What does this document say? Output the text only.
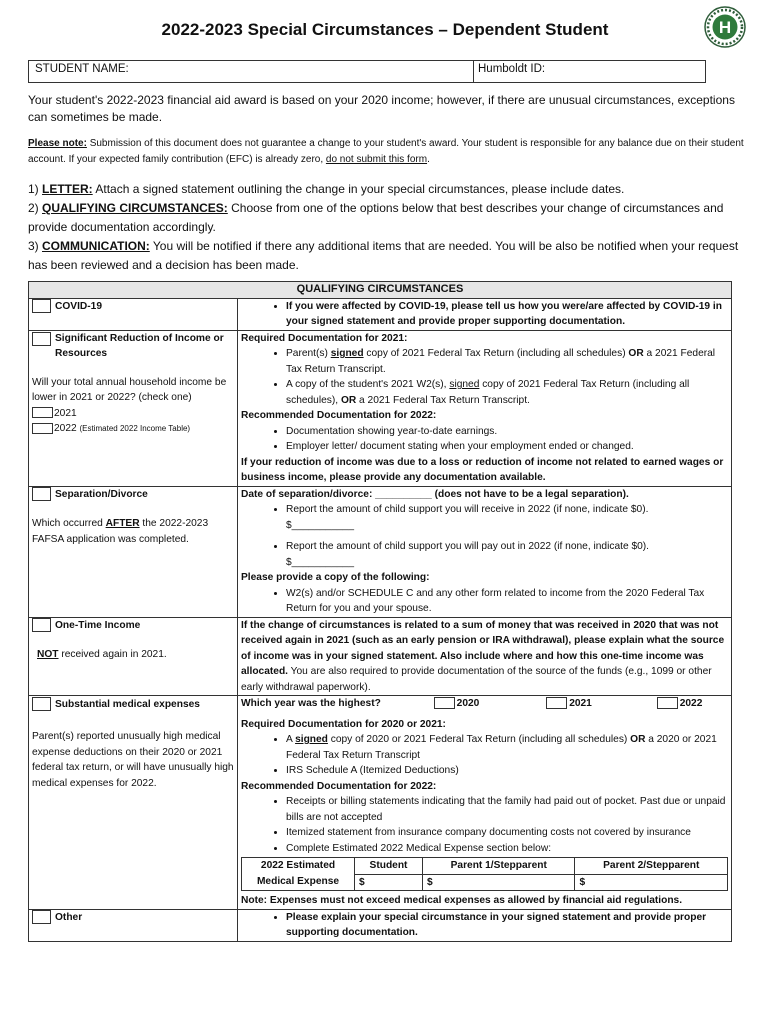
2022-2023 Special Circumstances – Dependent Student	H
STUDENT NAME:	Humboldt ID:
Your student's 2022-2023 financial aid award is based on your 2020 income; however, if there are unusual circumstances, exceptions can sometimes be made.
Please note: Submission of this document does not guarantee a change to your student's award. Your student is responsible for any balance due on their student account. If your expected family contribution (EFC) is already zero, do not submit this form.
1) LETTER: Attach a signed statement outlining the change in your special circumstances, please include dates.
2) QUALIFYING CIRCUMSTANCES: Choose from one of the options below that best describes your change of circumstances and provide documentation accordingly.
3) COMMUNICATION: You will be notified if there any additional items that are needed. You will be also be notified when your request has been reviewed and a decision has been made.
QUALIFYING CIRCUMSTANCES
COVID-19	
•If you were affected by COVID-19, please tell us how you were/are affected by COVID-19 in your signed statement and provide proper supporting documentation.

Significant Reduction of Income or Resources
Will your total annual household income be lower in 2021 or 2022? (check one)
2021
2022 (Estimated 2022 Income Table)
	Required Documentation for 2021:
• Parent(s) signed copy of 2021 Federal Tax Return (including all schedules) OR a 2021 Federal Tax Return Transcript.
• A copy of the student's 2021 W2(s), signed copy of 2021 Federal Tax Return (including all schedules), OR a 2021 Federal Tax Return Transcript.
Recommended Documentation for 2022:
• Documentation showing year-to-date earnings.
• Employer letter/ document stating when your employment ended or changed.
If your reduction of income was due to a loss or reduction of income not related to earned wages or business income, please provide any documentation available.

Separation/Divorce
Which occurred AFTER the 2022-2023 FAFSA application was completed.
	Date of separation/divorce: __________ (does not have to be a legal separation).
• Report the amount of child support you will receive in 2022 (if none, indicate $0).
$___________
• Report the amount of child support you will pay out in 2022 (if none, indicate $0).
$___________
Please provide a copy of the following:
• W2(s) and/or SCHEDULE C and any other form related to income from the 2020 Federal Tax Return for you and your spouse.

One-Time Income
NOT received again in 2021.
	If the change of circumstances is related to a sum of money that was received in 2020 that was not received again in 2021 (such as an early pension or IRA withdrawal), please explain what the source of income was in your signed statement. Also include where and how this one-time income was allocated. You are also required to provide documentation of the source of the funds (e.g., 1099 or other early withdrawal paperwork).

Substantial medical expenses
Parent(s) reported unusually high medical expense deductions on their 2020 or 2021 federal tax return, or will have unusually high medical expenses for 2022.

Which year was the highest?	2020	2021	2022
Required Documentation for 2020 or 2021:
• A signed copy of 2020 or 2021 Federal Tax Return (including all schedules) OR a 2020 or 2021 Federal Tax Return Transcript
• IRS Schedule A (Itemized Deductions)
Recommended Documentation for 2022:
• Receipts or billing statements indicating that the family had paid out of pocket. Past due or unpaid bills are not accepted
• Itemized statement from insurance company documenting costs not covered by insurance
• Complete Estimated 2022 Medical Expense section below:
2022 Estimated
Medical Expense	Student	Parent 1/Stepparent	Parent 2/Stepparent
$	$	$
Note: Expenses must not exceed medical expenses as allowed by financial aid regulations.
Other	
•Please explain your special circumstance in your signed statement and provide proper supporting documentation.
